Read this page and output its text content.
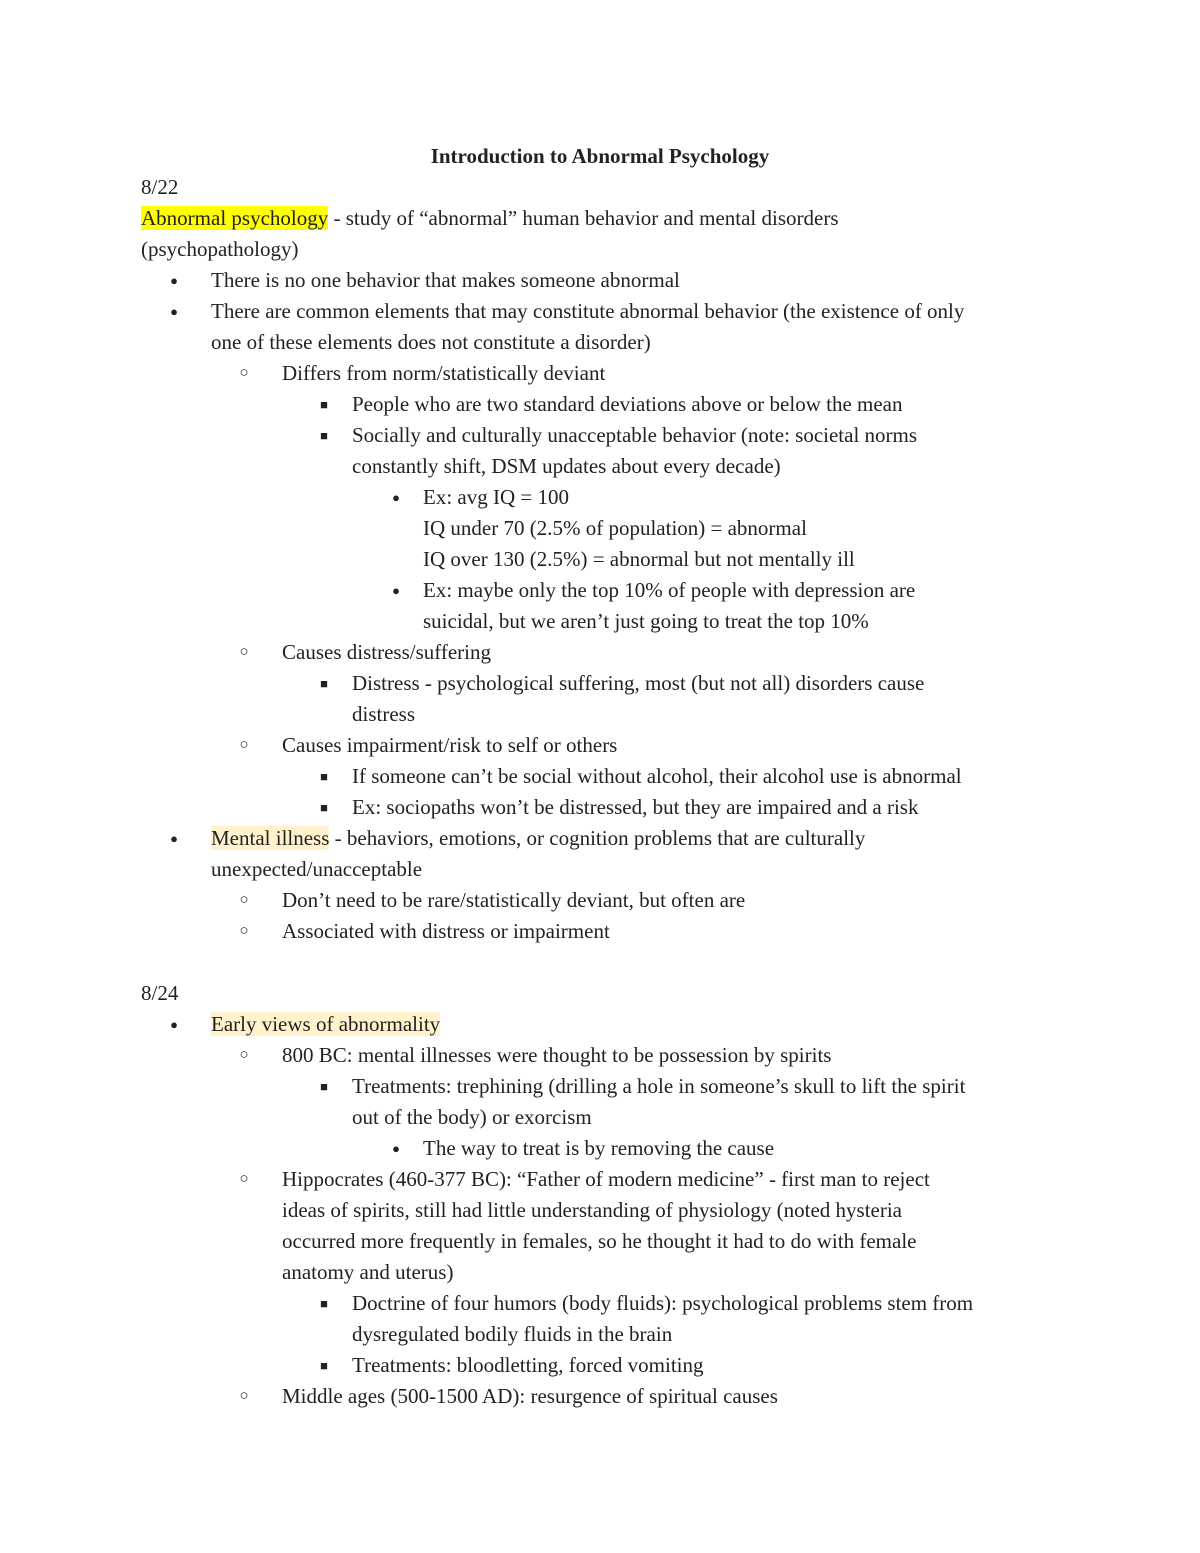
Introduction to Abnormal Psychology
8/22
Abnormal psychology - study of “abnormal” human behavior and mental disorders
(psychopathology)
●	There is no one behavior that makes someone abnormal
●	There are common elements that may constitute abnormal behavior (the existence of only
one of these elements does not constitute a disorder)
○	Differs from norm/statistically deviant
■	People who are two standard deviations above or below the mean
■	Socially and culturally unacceptable behavior (note: societal norms
constantly shift, DSM updates about every decade)
●	Ex: avg IQ = 100
IQ under 70 (2.5% of population) = abnormal
IQ over 130 (2.5%) = abnormal but not mentally ill
●	Ex: maybe only the top 10% of people with depression are
suicidal, but we aren’t just going to treat the top 10%
○	Causes distress/suffering
■	Distress - psychological suffering, most (but not all) disorders cause
distress
○	Causes impairment/risk to self or others
■	If someone can’t be social without alcohol, their alcohol use is abnormal
■	Ex: sociopaths won’t be distressed, but they are impaired and a risk
●	Mental illness - behaviors, emotions, or cognition problems that are culturally
unexpected/unacceptable
○	Don’t need to be rare/statistically deviant, but often are
○	Associated with distress or impairment
8/24
●	Early views of abnormality
○	800 BC: mental illnesses were thought to be possession by spirits
■	Treatments: trephining (drilling a hole in someone’s skull to lift the spirit
out of the body) or exorcism
●	The way to treat is by removing the cause
○	Hippocrates (460-377 BC): “Father of modern medicine” - first man to reject
ideas of spirits, still had little understanding of physiology (noted hysteria
occurred more frequently in females, so he thought it had to do with female
anatomy and uterus)
■	Doctrine of four humors (body fluids): psychological problems stem from
dysregulated bodily fluids in the brain
■	Treatments: bloodletting, forced vomiting
○	Middle ages (500-1500 AD): resurgence of spiritual causes
